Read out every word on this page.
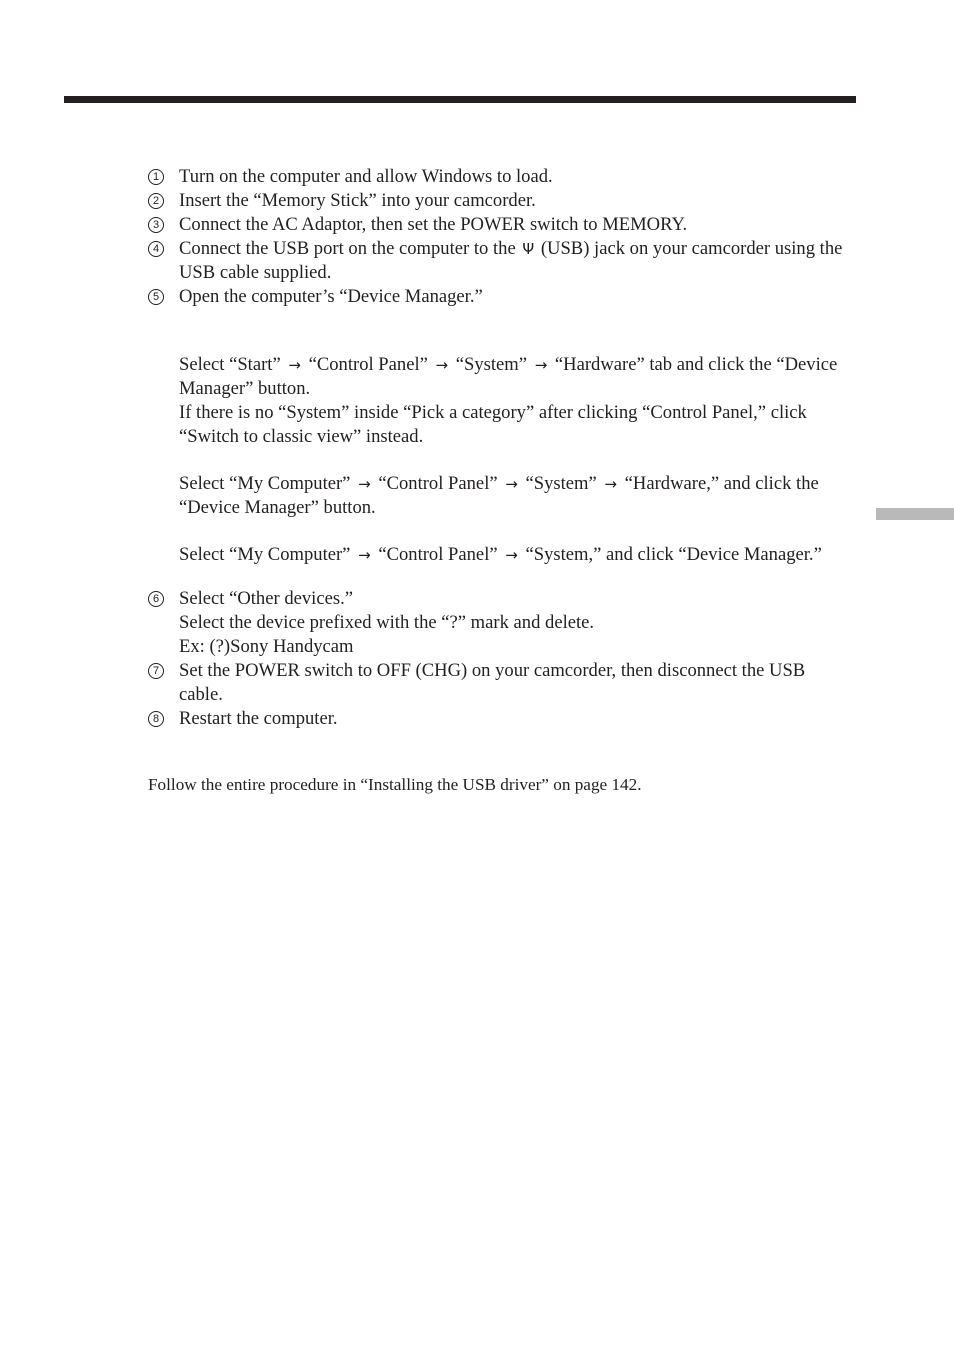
1 Turn on the computer and allow Windows to load.
2 Insert the “Memory Stick” into your camcorder.
3 Connect the AC Adaptor, then set the POWER switch to MEMORY.
4 Connect the USB port on the computer to the Ψ (USB) jack on your camcorder using the USB cable supplied.
5 Open the computer’s “Device Manager.”
Select “Start” → “Control Panel” → “System” → “Hardware” tab and click the “Device Manager” button.
If there is no “System” inside “Pick a category” after clicking “Control Panel,” click “Switch to classic view” instead.
Select “My Computer” → “Control Panel” → “System” → “Hardware,” and click the “Device Manager” button.
Select “My Computer” → “Control Panel” → “System,” and click “Device Manager.”
6 Select “Other devices.”
Select the device prefixed with the “?” mark and delete.
Ex: (?)Sony Handycam
7 Set the POWER switch to OFF (CHG) on your camcorder, then disconnect the USB cable.
8 Restart the computer.
Follow the entire procedure in “Installing the USB driver” on page 142.
